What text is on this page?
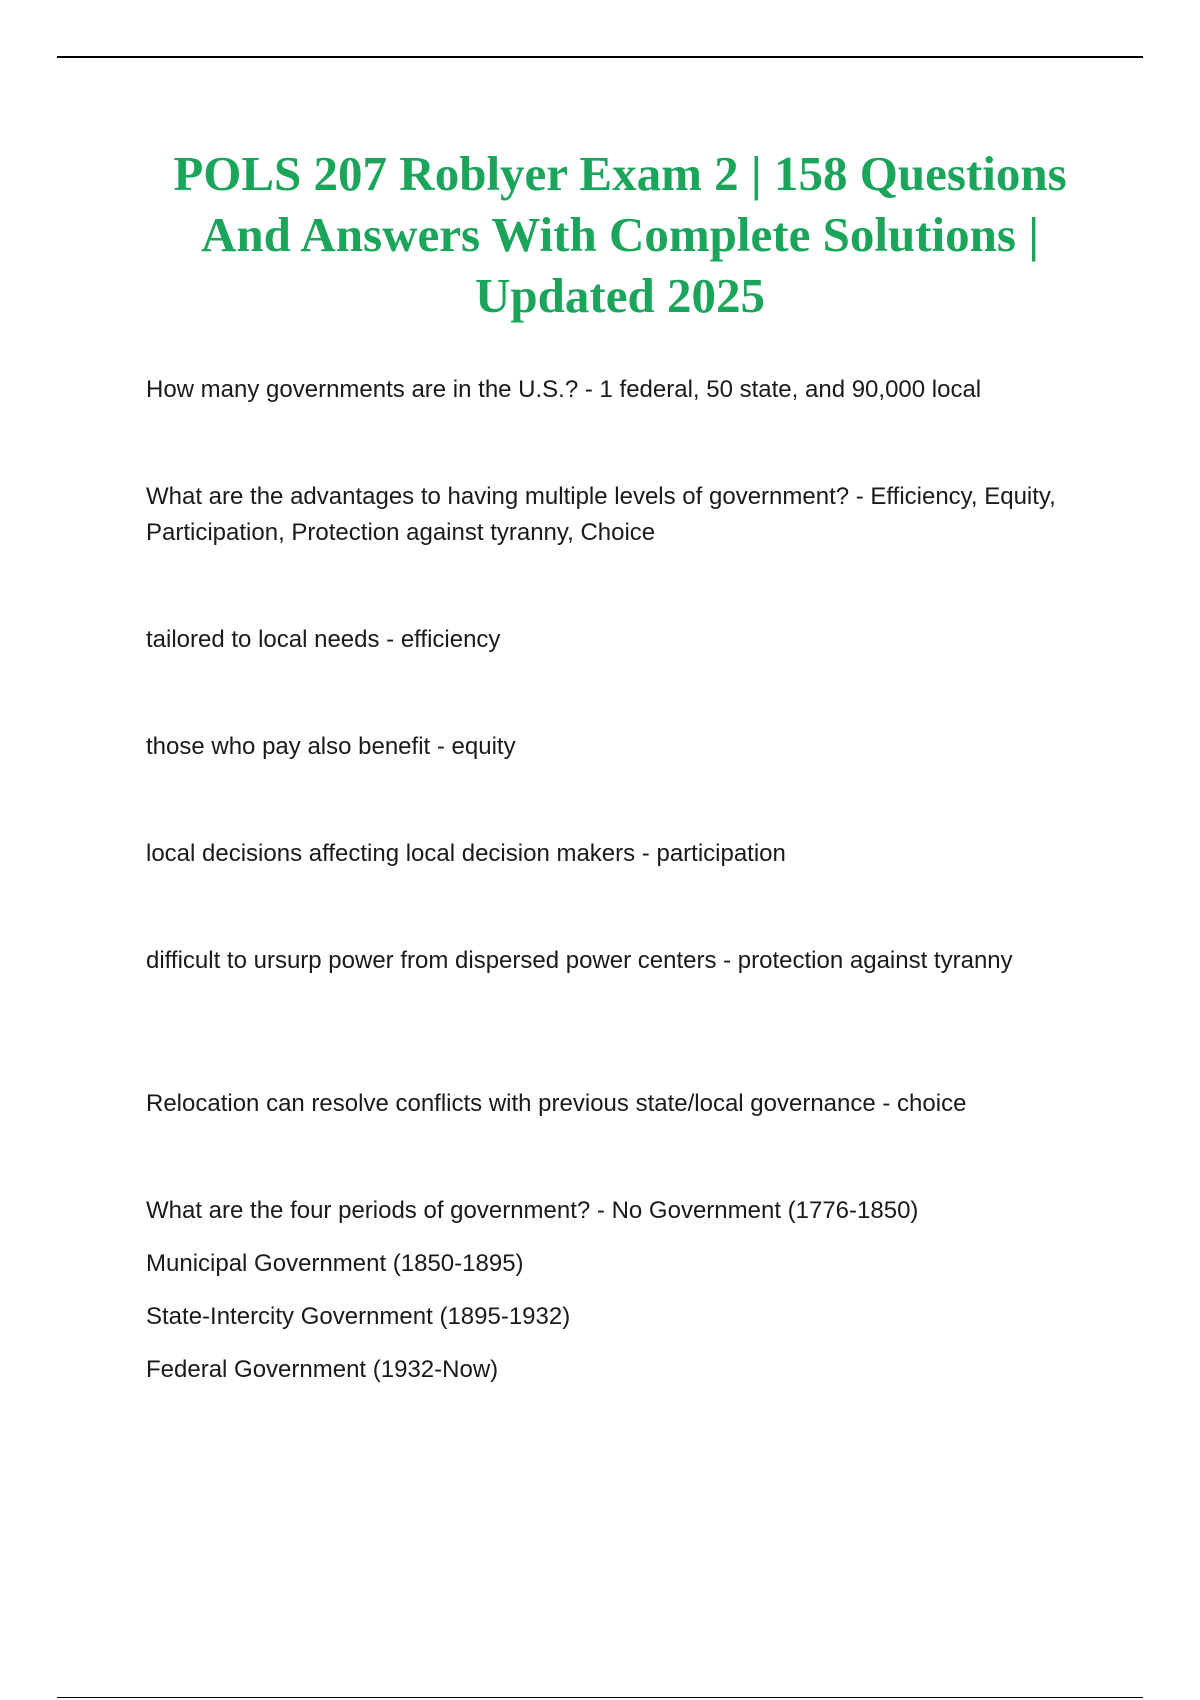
POLS 207 Roblyer Exam 2 | 158 Questions And Answers With Complete Solutions | Updated 2025

How many governments are in the U.S.? - 1 federal, 50 state, and 90,000 local

What are the advantages to having multiple levels of government? - Efficiency, Equity, Participation, Protection against tyranny, Choice

tailored to local needs - efficiency

those who pay also benefit - equity

local decisions affecting local decision makers - participation

difficult to ursurp power from dispersed power centers - protection against tyranny

Relocation can resolve conflicts with previous state/local governance - choice

What are the four periods of government? - No Government (1776-1850)
Municipal Government (1850-1895)
State-Intercity Government (1895-1932)
Federal Government (1932-Now)
